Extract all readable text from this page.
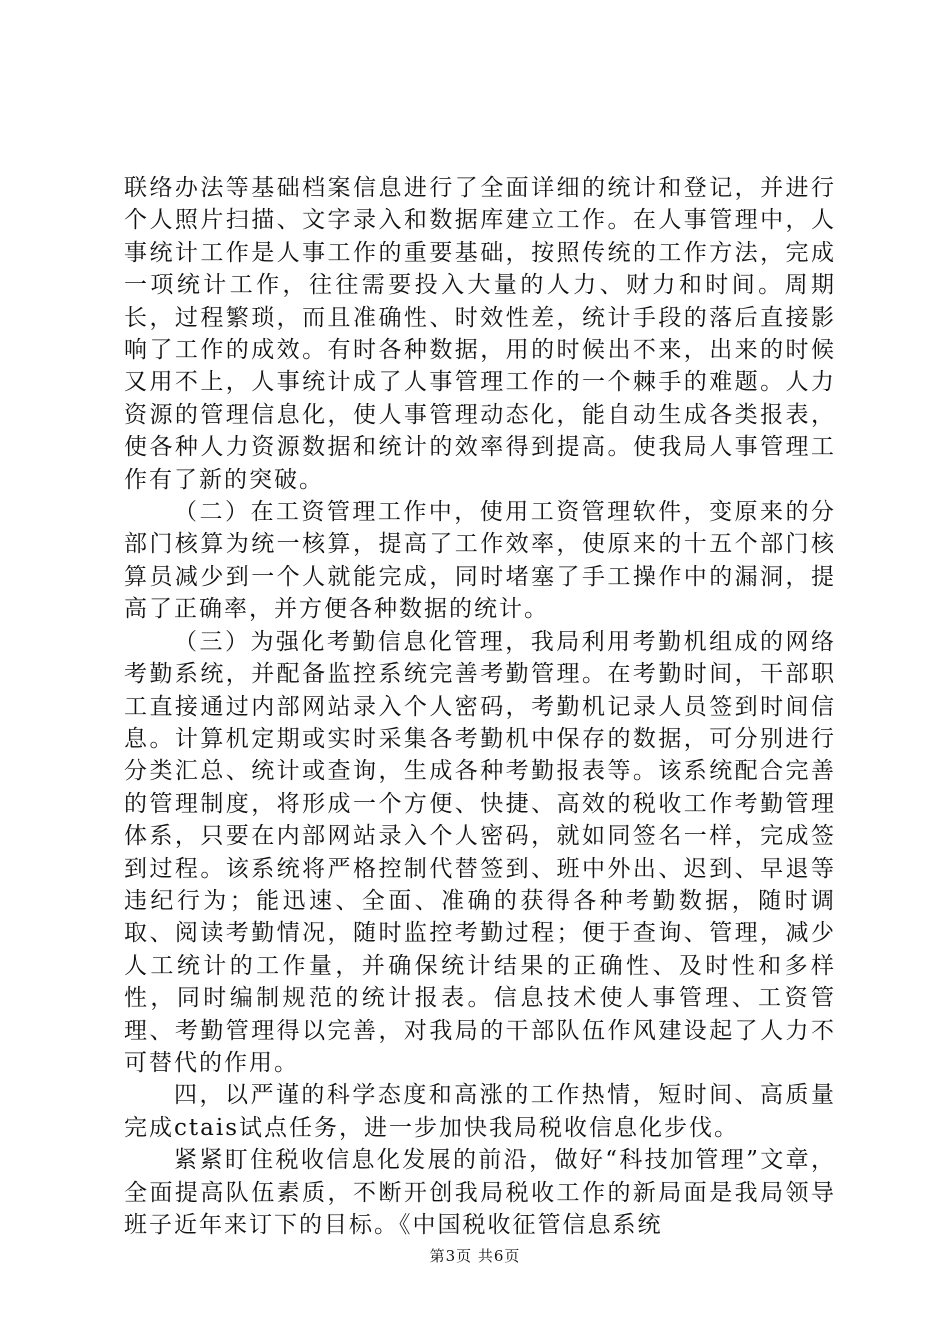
联络办法等基础档案信息进行了全面详细的统计和登记，并进行个人照片扫描、文字录入和数据库建立工作。在人事管理中，人事统计工作是人事工作的重要基础，按照传统的工作方法，完成一项统计工作，往往需要投入大量的人力、财力和时间。周期长，过程繁琐，而且准确性、时效性差，统计手段的落后直接影响了工作的成效。有时各种数据，用的时候出不来，出来的时候又用不上，人事统计成了人事管理工作的一个棘手的难题。人力资源的管理信息化，使人事管理动态化，能自动生成各类报表，使各种人力资源数据和统计的效率得到提高。使我局人事管理工作有了新的突破。

（二）在工资管理工作中，使用工资管理软件，变原来的分部门核算为统一核算，提高了工作效率，使原来的十五个部门核算员减少到一个人就能完成，同时堵塞了手工操作中的漏洞，提高了正确率，并方便各种数据的统计。

（三）为强化考勤信息化管理，我局利用考勤机组成的网络考勤系统，并配备监控系统完善考勤管理。在考勤时间，干部职工直接通过内部网站录入个人密码，考勤机记录人员签到时间信息。计算机定期或实时采集各考勤机中保存的数据，可分别进行分类汇总、统计或查询，生成各种考勤报表等。该系统配合完善的管理制度，将形成一个方便、快捷、高效的税收工作考勤管理体系，只要在内部网站录入个人密码，就如同签名一样，完成签到过程。该系统将严格控制代替签到、班中外出、迟到、早退等违纪行为；能迅速、全面、准确的获得各种考勤数据，随时调取、阅读考勤情况，随时监控考勤过程；便于查询、管理，减少人工统计的工作量，并确保统计结果的正确性、及时性和多样性，同时编制规范的统计报表。信息技术使人事管理、工资管理、考勤管理得以完善，对我局的干部队伍作风建设起了人力不可替代的作用。

四，以严谨的科学态度和高涨的工作热情，短时间、高质量完成ctais试点任务，进一步加快我局税收信息化步伐。

紧紧盯住税收信息化发展的前沿，做好“科技加管理”文章，全面提高队伍素质，不断开创我局税收工作的新局面是我局领导班子近年来订下的目标。《中国税收征管信息系统

第3页 共6页
